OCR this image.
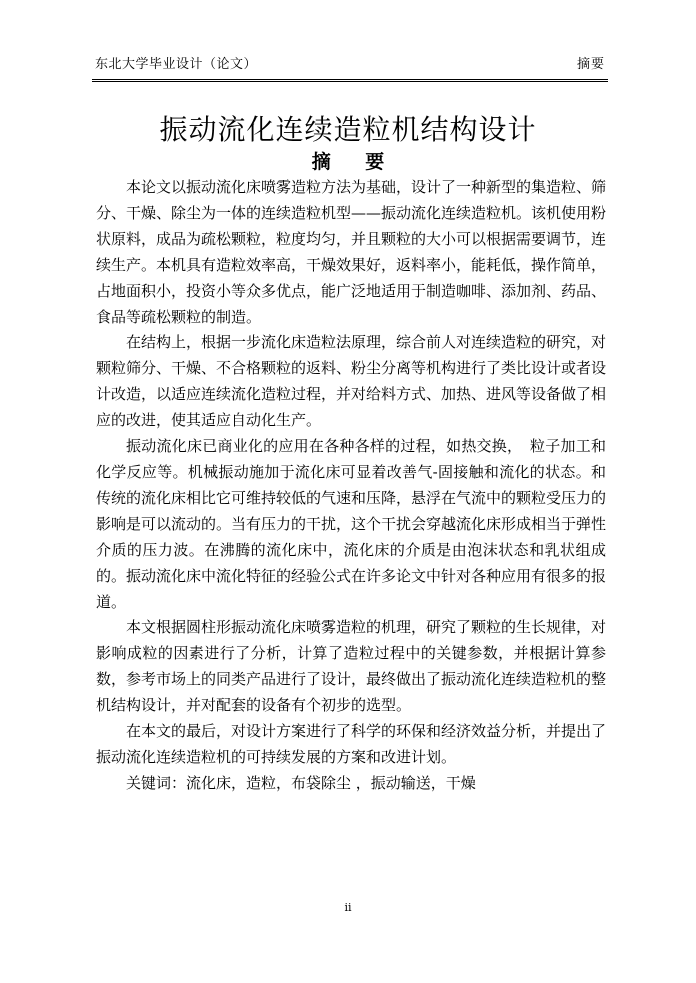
东北大学毕业设计（论文）	摘要
振动流化连续造粒机结构设计
摘 要

本论文以振动流化床喷雾造粒方法为基础，设计了一种新型的集造粒、筛分、干燥、除尘为一体的连续造粒机型——振动流化连续造粒机。该机使用粉状原料，成品为疏松颗粒，粒度均匀，并且颗粒的大小可以根据需要调节，连续生产。本机具有造粒效率高，干燥效果好，返料率小，能耗低，操作简单，占地面积小，投资小等众多优点，能广泛地适用于制造咖啡、添加剂、药品、食品等疏松颗粒的制造。

在结构上，根据一步流化床造粒法原理，综合前人对连续造粒的研究，对颗粒筛分、干燥、不合格颗粒的返料、粉尘分离等机构进行了类比设计或者设计改造，以适应连续流化造粒过程，并对给料方式、加热、进风等设备做了相应的改进，使其适应自动化生产。

振动流化床已商业化的应用在各种各样的过程，如热交换，　粒子加工和化学反应等。机械振动施加于流化床可显着改善气-固接触和流化的状态。和传统的流化床相比它可维持较低的气速和压降，悬浮在气流中的颗粒受压力的影响是可以流动的。当有压力的干扰，这个干扰会穿越流化床形成相当于弹性介质的压力波。在沸腾的流化床中，流化床的介质是由泡沫状态和乳状组成的。振动流化床中流化特征的经验公式在许多论文中针对各种应用有很多的报道。

本文根据圆柱形振动流化床喷雾造粒的机理，研究了颗粒的生长规律，对影响成粒的因素进行了分析，计算了造粒过程中的关键参数，并根据计算参数，参考市场上的同类产品进行了设计，最终做出了振动流化连续造粒机的整机结构设计，并对配套的设备有个初步的选型。

在本文的最后，对设计方案进行了科学的环保和经济效益分析，并提出了振动流化连续造粒机的可持续发展的方案和改进计划。

关键词：流化床，造粒，布袋除尘 ，振动输送，干燥

ii
